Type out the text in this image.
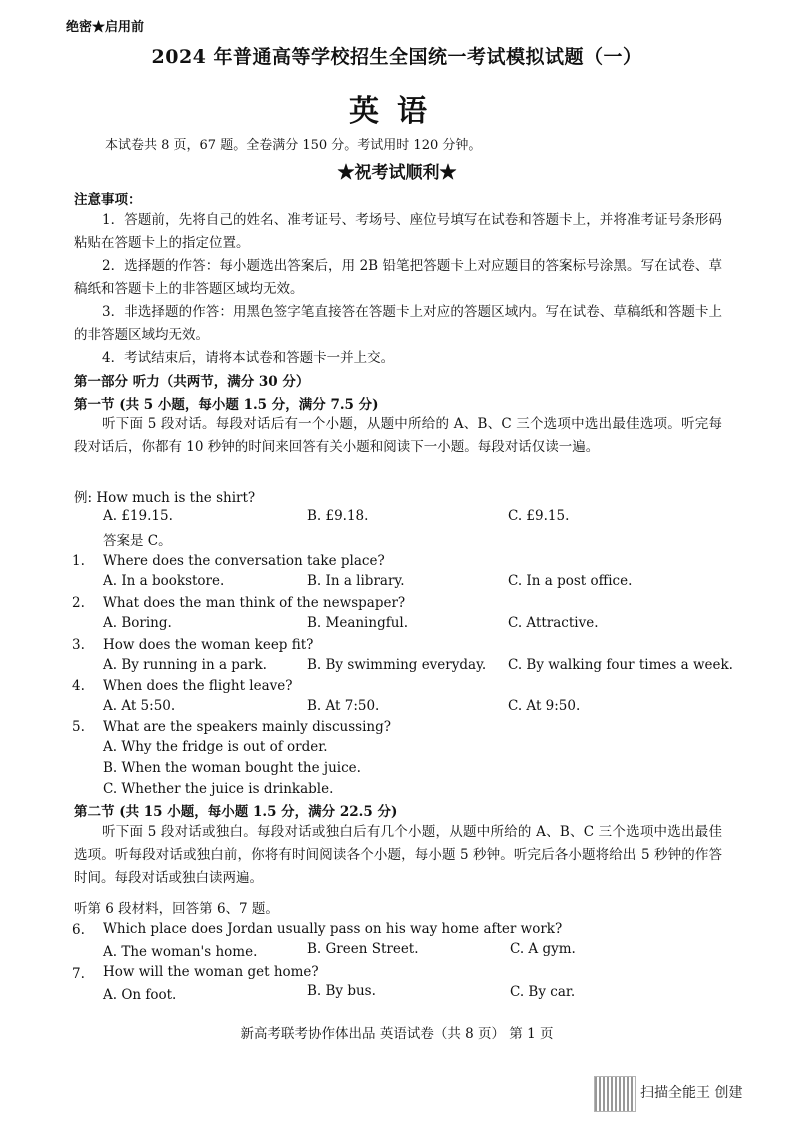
绝密★启用前
2024 年普通高等学校招生全国统一考试模拟试题（一）
英语
本试卷共 8 页，67 题。全卷满分 150 分。考试用时 120 分钟。
★祝考试顺利★
注意事项：
1．答题前，先将自己的姓名、准考证号、考场号、座位号填写在试卷和答题卡上，并将准考证号条形码粘贴在答题卡上的指定位置。
2．选择题的作答：每小题选出答案后，用 2B 铅笔把答题卡上对应题目的答案标号涂黑。写在试卷、草稿纸和答题卡上的非答题区域均无效。
3．非选择题的作答：用黑色签字笔直接答在答题卡上对应的答题区域内。写在试卷、草稿纸和答题卡上的非答题区域均无效。
4．考试结束后，请将本试卷和答题卡一并上交。
第一部分 听力（共两节，满分 30 分）
第一节 (共 5 小题，每小题 1.5 分，满分 7.5 分)
听下面 5 段对话。每段对话后有一个小题，从题中所给的 A、B、C 三个选项中选出最佳选项。听完每段对话后，你都有 10 秒钟的时间来回答有关小题和阅读下一小题。每段对话仅读一遍。
例: How much is the shirt?
A. £19.15.	B. £9.18.	C. £9.15.
答案是 C。
1. Where does the conversation take place?
A. In a bookstore.	B. In a library.	C. In a post office.
2. What does the man think of the newspaper?
A. Boring.	B. Meaningful.	C. Attractive.
3. How does the woman keep fit?
A. By running in a park.	B. By swimming everyday. C. By walking four times a week.
4. When does the flight leave?
A. At 5:50.	B. At 7:50.	C. At 9:50.
5. What are the speakers mainly discussing?
A. Why the fridge is out of order.
B. When the woman bought the juice.
C. Whether the juice is drinkable.
第二节 (共 15 小题，每小题 1.5 分，满分 22.5 分)
听下面 5 段对话或独白。每段对话或独白后有几个小题，从题中所给的 A、B、C 三个选项中选出最佳选项。听每段对话或独白前，你将有时间阅读各个小题，每小题 5 秒钟。听完后各小题将给出 5 秒钟的作答时间。每段对话或独白读两遍。
听第 6 段材料，回答第 6、7 题。
6. Which place does Jordan usually pass on his way home after work?
A. The woman's home.	B. Green Street.	C. A gym.
7. How will the woman get home?
A. On foot.	B. By bus.	C. By car.
新高考联考协作体出品 英语试卷（共 8 页） 第 1 页
扫描全能王 创建
